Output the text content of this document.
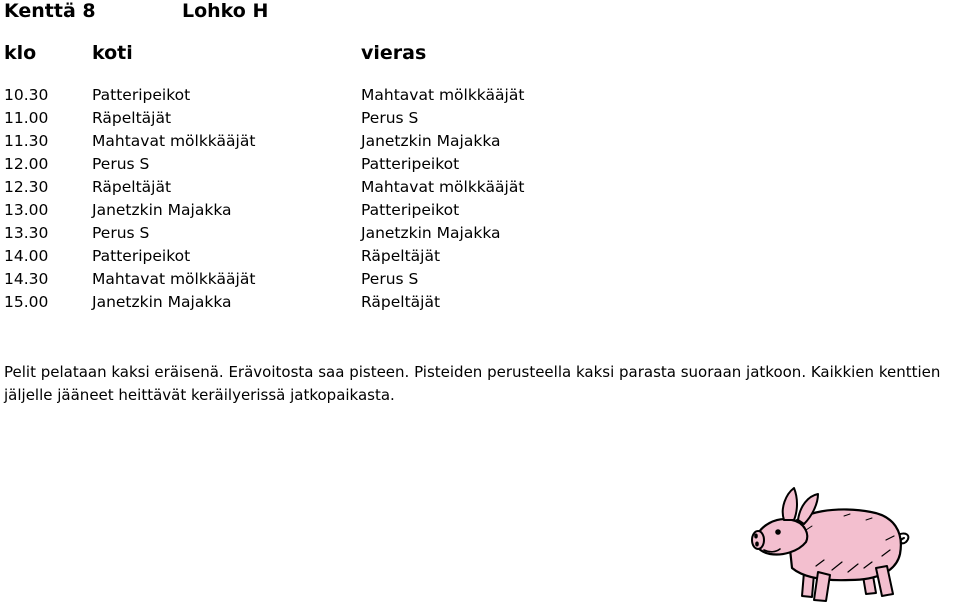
Kenttä 8	Lohko H
klo	koti	vieras
10.30	Patteripeikot	Mahtavat mölkkääjät
11.00	Räpeltäjät	Perus S
11.30	Mahtavat mölkkääjät	Janetzkin Majakka
12.00	Perus S	Patteripeikot
12.30	Räpeltäjät	Mahtavat mölkkääjät
13.00	Janetzkin Majakka	Patteripeikot
13.30	Perus S	Janetzkin Majakka
14.00	Patteripeikot	Räpeltäjät
14.30	Mahtavat mölkkääjät	Perus S
15.00	Janetzkin Majakka	Räpeltäjät
Pelit pelataan kaksi eräisenä. Erävoitosta saa pisteen. Pisteiden perusteella kaksi parasta suoraan jatkoon. Kaikkien kenttien
jäljelle jääneet heittävät keräilyerissä jatkopaikasta.
